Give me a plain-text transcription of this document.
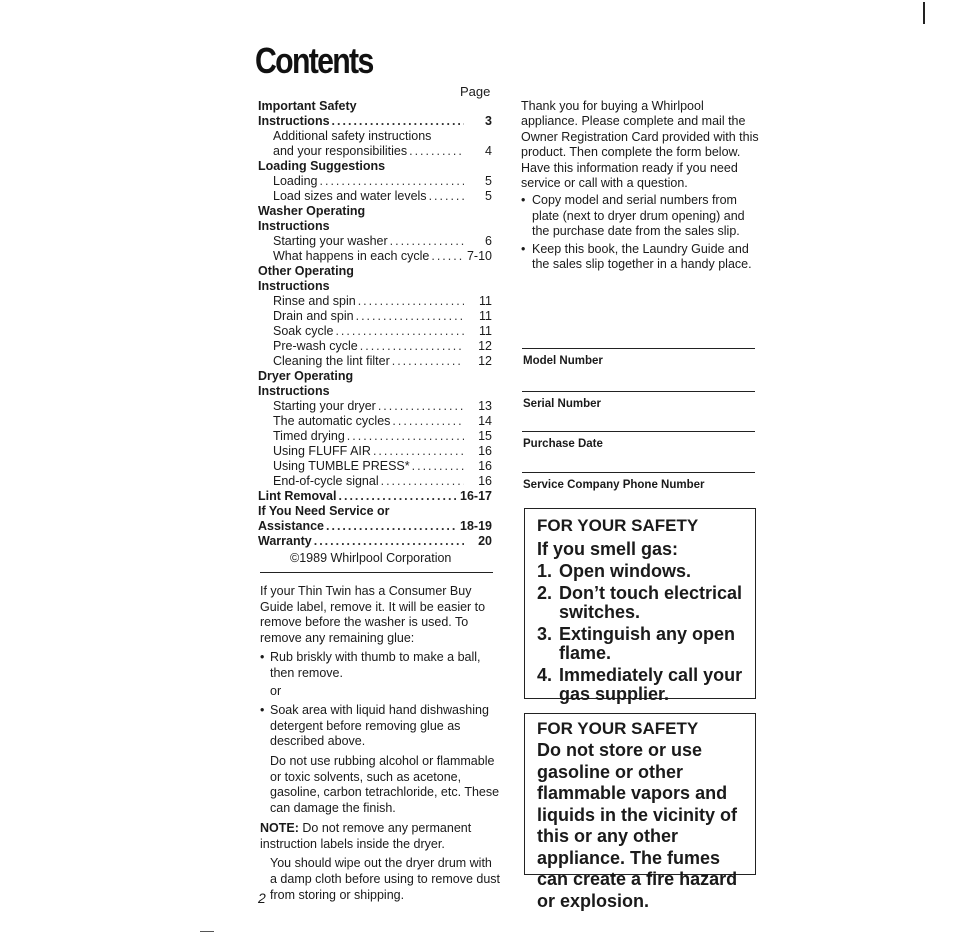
Contents
Page
Important Safety
Instructions .....	3
Additional safety instructions
and your responsibilities .....	4
Loading Suggestions
Loading .....	5
Load sizes and water levels .....	5
Washer Operating
Instructions
Starting your washer .....	6
What happens in each cycle .....	7-10
Other Operating
Instructions
Rinse and spin .....	11
Drain and spin .....	11
Soak cycle .....	11
Pre-wash cycle .....	12
Cleaning the lint filter .....	12
Dryer Operating
Instructions
Starting your dryer .....	13
The automatic cycles .....	14
Timed drying .....	15
Using FLUFF AIR .....	16
Using TUMBLE PRESS* .....	16
End-of-cycle signal .....	16
Lint Removal .....	16-17
If You Need Service or
Assistance .....	18-19
Warranty .....	20
©1989 Whirlpool Corporation

If your Thin Twin has a Consumer Buy Guide label, remove it. It will be easier to remove before the washer is used. To remove any remaining glue:

• Rub briskly with thumb to make a ball, then remove.
or
• Soak area with liquid hand dishwashing detergent before removing glue as described above.

Do not use rubbing alcohol or flammable or toxic solvents, such as acetone, gasoline, carbon tetrachloride, etc. These can damage the finish.

NOTE: Do not remove any permanent instruction labels inside the dryer.

You should wipe out the dryer drum with a damp cloth before using to remove dust from storing or shipping.

Thank you for buying a Whirlpool appliance. Please complete and mail the Owner Registration Card provided with this product. Then complete the form below. Have this information ready if you need service or call with a question.

• Copy model and serial numbers from plate (next to dryer drum opening) and the purchase date from the sales slip.
• Keep this book, the Laundry Guide and the sales slip together in a handy place.
Model Number
Serial Number
Purchase Date
Service Company Phone Number
FOR YOUR SAFETY
If you smell gas:
1. Open windows.
2. Don’t touch electrical switches.
3. Extinguish any open flame.
4. Immediately call your gas supplier.
FOR YOUR SAFETY
Do not store or use gasoline or other flammable vapors and liquids in the vicinity of this or any other appliance. The fumes can create a fire hazard or explosion.
2
